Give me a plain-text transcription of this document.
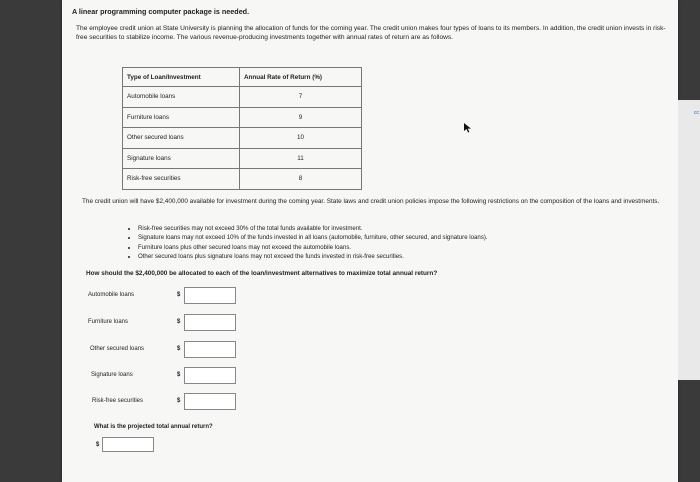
A linear programming computer package is needed.

The employee credit union at State University is planning the allocation of funds for the coming year. The credit union makes four types of loans to its members. In addition, the credit union invests in risk-free securities to stabilize income. The various revenue-producing investments together with annual rates of return are as follows.

Type of Loan/Investment	Annual Rate of Return (%)
Automobile loans	7
Furniture loans	9
Other secured loans	10
Signature loans	11
Risk-free securities	8

The credit union will have $2,400,000 available for investment during the coming year. State laws and credit union policies impose the following restrictions on the composition of the loans and investments.

• Risk-free securities may not exceed 30% of the total funds available for investment.
• Signature loans may not exceed 10% of the funds invested in all loans (automobile, furniture, other secured, and signature loans).
• Furniture loans plus other secured loans may not exceed the automobile loans.
• Other secured loans plus signature loans may not exceed the funds invested in risk-free securities.

How should the $2,400,000 be allocated to each of the loan/investment alternatives to maximize total annual return?

Automobile loans	$
Furniture loans	$
Other secured loans	$
Signature loans	$
Risk-free securities	$
What is the projected total annual return?
$
cc
